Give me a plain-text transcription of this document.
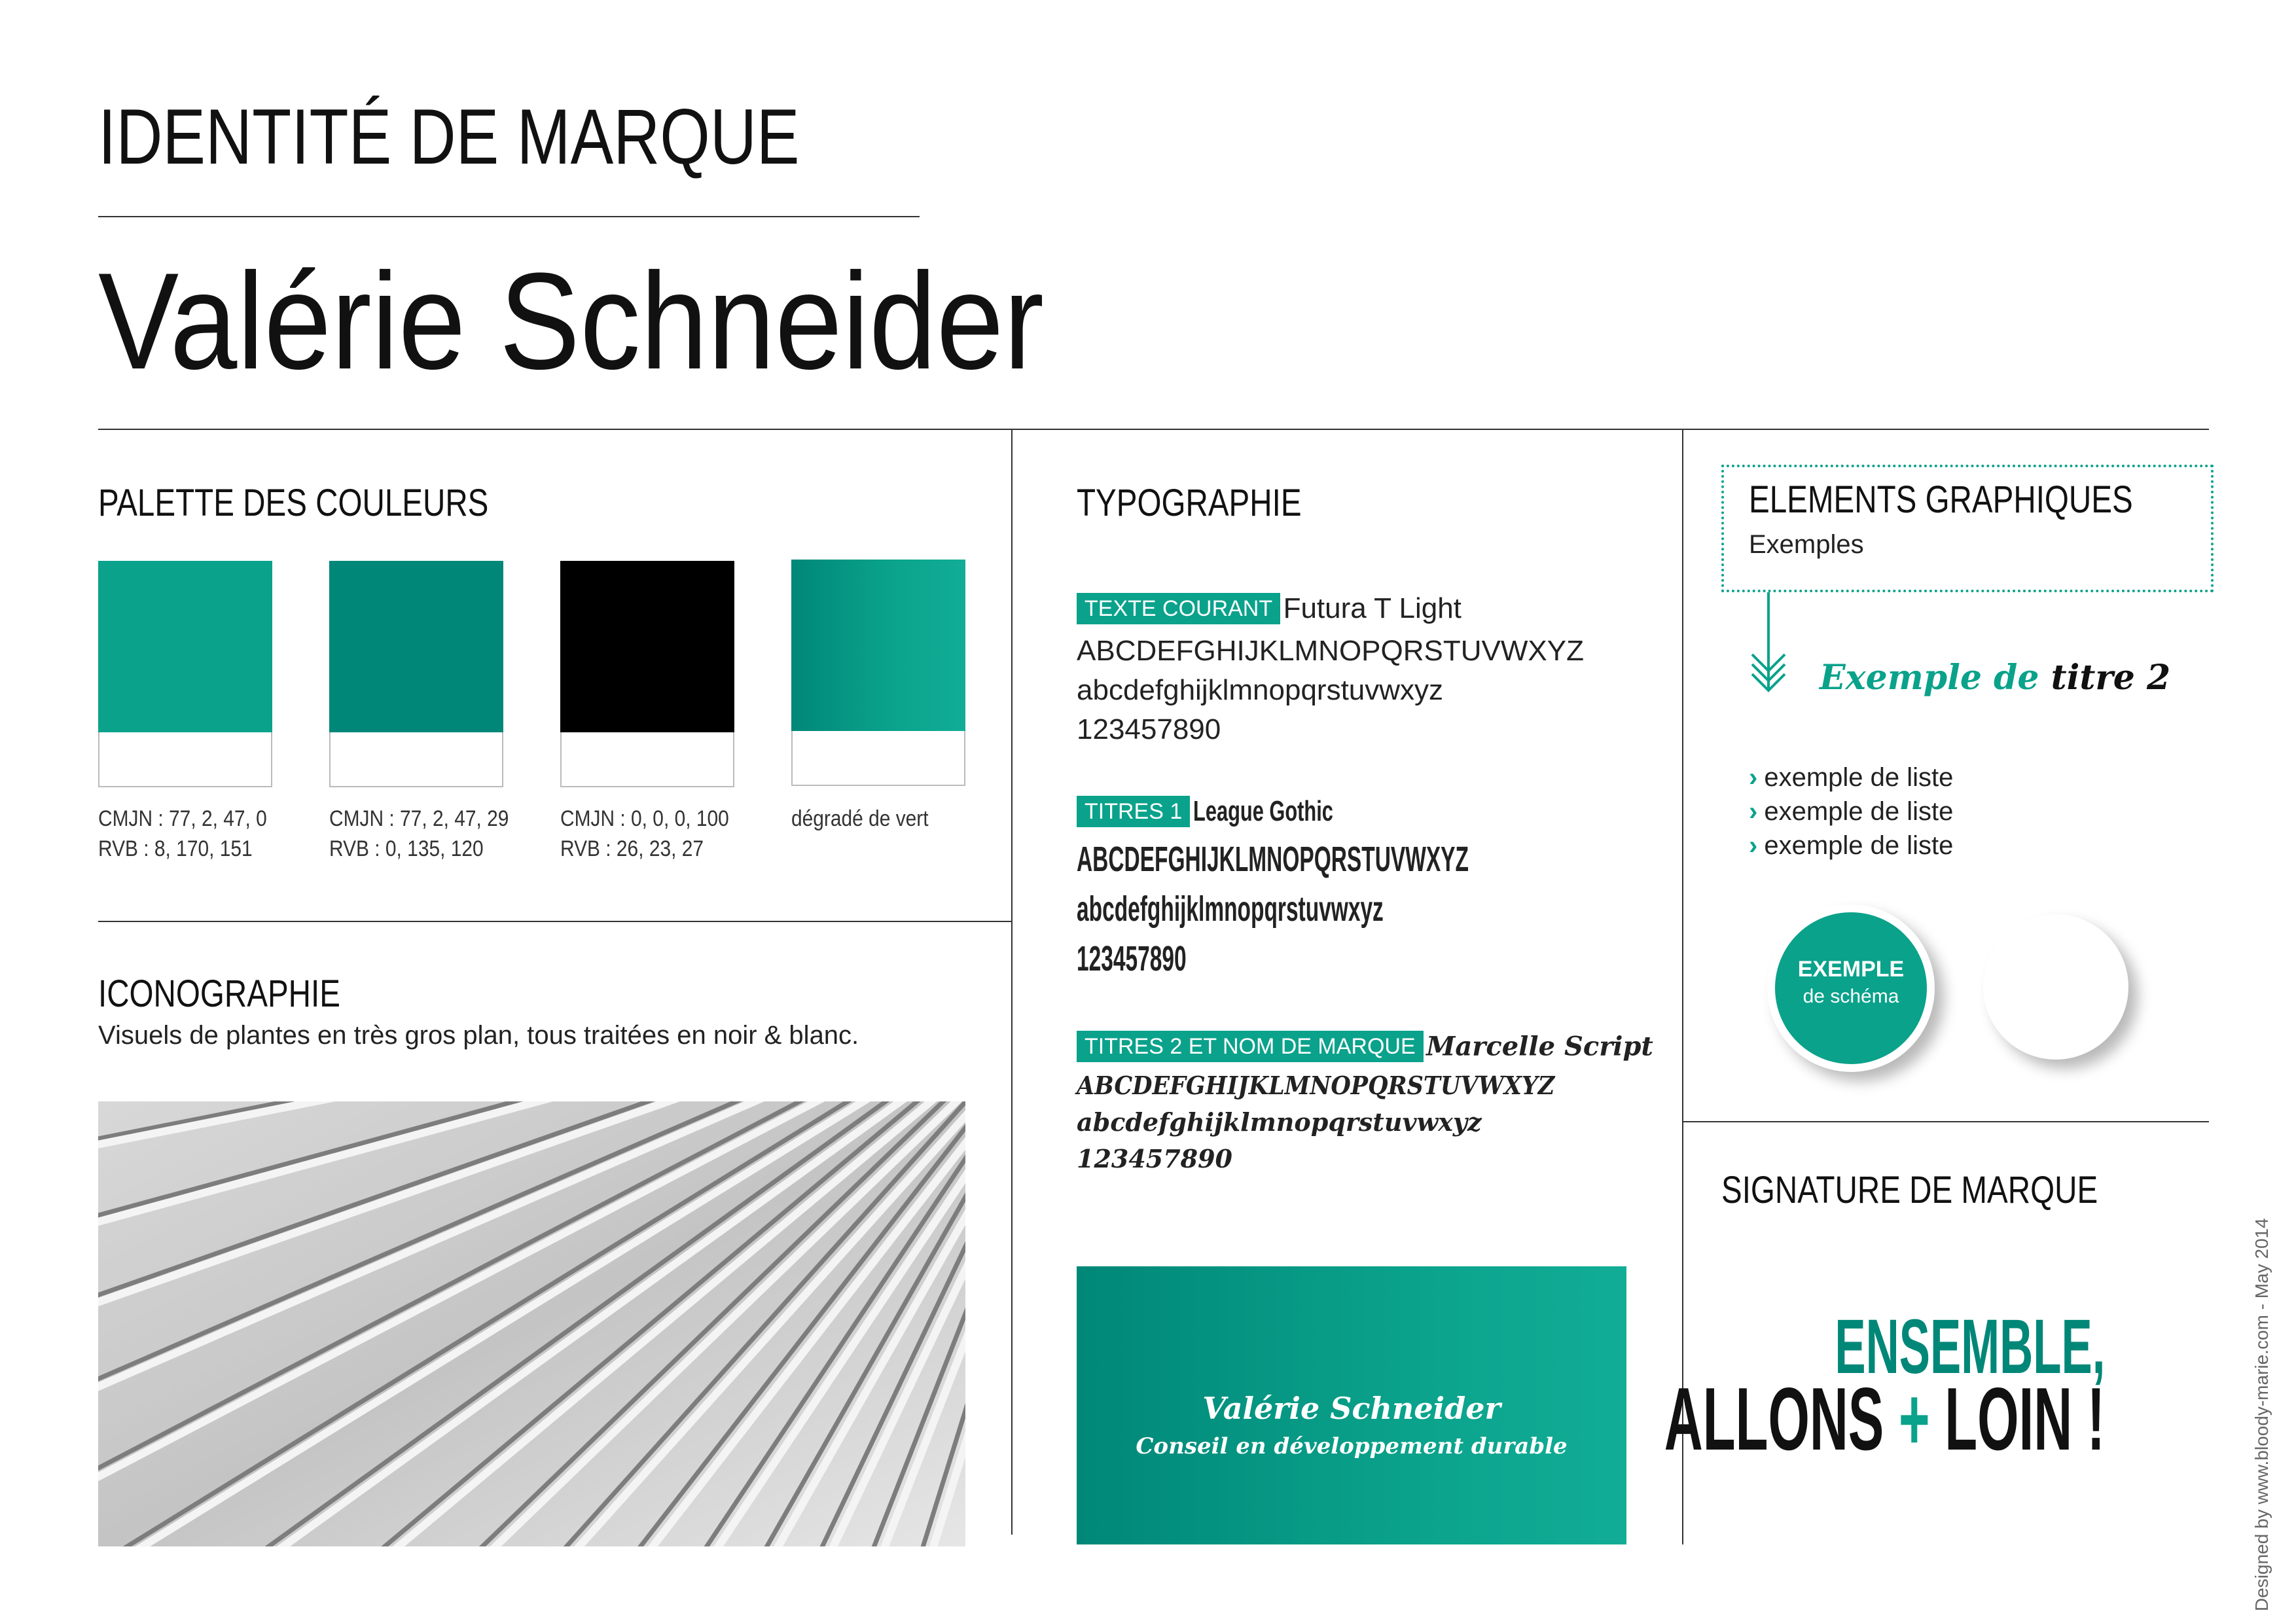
IDENTITÉ DE MARQUE
Valérie Schneider
PALETTE DES COULEURS
CMJN : 77, 2, 47, 0
RVB : 8, 170, 151
CMJN : 77, 2, 47, 29
RVB : 0, 135, 120
CMJN : 0, 0, 0, 100
RVB : 26, 23, 27
dégradé de vert
ICONOGRAPHIE
Visuels de plantes en très gros plan, tous traitées en noir & blanc.
TYPOGRAPHIE
TEXTE COURANT Futura T Light
ABCDEFGHIJKLMNOPQRSTUVWXYZ
abcdefghijklmnopqrstuvwxyz
123457890
TITRES 1 League Gothic
ABCDEFGHIJKLMNOPQRSTUVWXYZ
abcdefghijklmnopqrstuvwxyz
123457890
TITRES 2 ET NOM DE MARQUE Marcelle Script
ABCDEFGHIJKLMNOPQRSTUVWXYZ
abcdefghijklmnopqrstuvwxyz
123457890
Valérie Schneider
Conseil en développement durable
ELEMENTS GRAPHIQUES
Exemples
Exemple de titre 2
› exemple de liste
› exemple de liste
› exemple de liste
EXEMPLE
de schéma
SIGNATURE DE MARQUE
ENSEMBLE,
ALLONS + LOIN !	Designed by www.bloody-marie.com - May 2014
